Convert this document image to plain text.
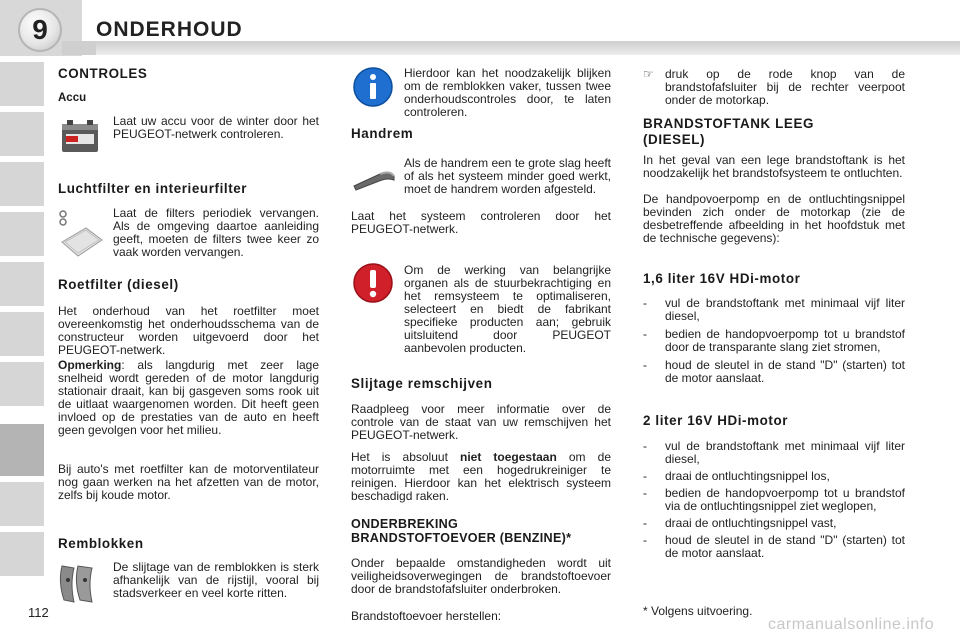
9	ONDERHOUD
CONTROLES
Accu
Laat uw accu voor de winter door het PEUGEOT-netwerk controleren.
Luchtfilter en interieurfilter
Laat de filters periodiek vervangen. Als de omgeving daartoe aanleiding geeft, moeten de filters twee keer zo vaak worden vervangen.
Roetfilter (diesel)
Het onderhoud van het roetfilter moet overeenkomstig het onderhoudsschema van de constructeur worden uitgevoerd door het PEUGEOT-netwerk.
Opmerking: als langdurig met zeer lage snelheid wordt gereden of de motor langdurig stationair draait, kan bij gasgeven soms rook uit de uitlaat waargenomen worden. Dit heeft geen invloed op de prestaties van de auto en heeft geen gevolgen voor het milieu.
Bij auto's met roetfilter kan de motorventilateur nog gaan werken na het afzetten van de motor, zelfs bij koude motor.
Remblokken
De slijtage van de remblokken is sterk afhankelijk van de rijstijl, vooral bij stadsverkeer en veel korte ritten.
112
Hierdoor kan het noodzakelijk blijken om de remblokken vaker, tussen twee onderhoudscontroles door, te laten controleren.
Handrem
Als de handrem een te grote slag heeft of als het systeem minder goed werkt, moet de handrem worden afgesteld.
Laat het systeem controleren door het PEUGEOT-netwerk.
Om de werking van belangrijke organen als de stuurbekrachtiging en het remsysteem te optimaliseren, selecteert en biedt de fabrikant specifieke producten aan; gebruik uitsluitend door PEUGEOT aanbevolen producten.
Slijtage remschijven
Raadpleeg voor meer informatie over de controle van de staat van uw remschijven het PEUGEOT-netwerk.
Het is absoluut niet toegestaan om de motorruimte met een hogedrukreiniger te reinigen. Hierdoor kan het elektrisch systeem beschadigd raken.
ONDERBREKING
BRANDSTOFTOEVOER (BENZINE)*
Onder bepaalde omstandigheden wordt uit veiligheidsoverwegingen de brandstoftoevoer door de brandstofafsluiter onderbroken.
Brandstoftoevoer herstellen:
☞ druk op de rode knop van de brandstofafsluiter bij de rechter veerpoot onder de motorkap.
BRANDSTOFTANK LEEG
(DIESEL)
In het geval van een lege brandstoftank is het noodzakelijk het brandstofsysteem te ontluchten.
De handpovoerpomp en de ontluchtingsnippel bevinden zich onder de motorkap (zie de desbetreffende afbeelding in het hoofdstuk met de technische gegevens):
1,6 liter 16V HDi-motor
-	vul de brandstoftank met minimaal vijf liter diesel,
-	bedien de handopvoerpomp tot u brandstof door de transparante slang ziet stromen,
-	houd de sleutel in de stand "D" (starten) tot de motor aanslaat.
2 liter 16V HDi-motor
-	vul de brandstoftank met minimaal vijf liter diesel,
-	draai de ontluchtingsnippel los,
-	bedien de handopvoerpomp tot u brandstof via de ontluchtingsnippel ziet weglopen,
-	draai de ontluchtingsnippel vast,
-	houd de sleutel in de stand "D" (starten) tot de motor aanslaat.
* Volgens uitvoering.
carmanualsonline.info
